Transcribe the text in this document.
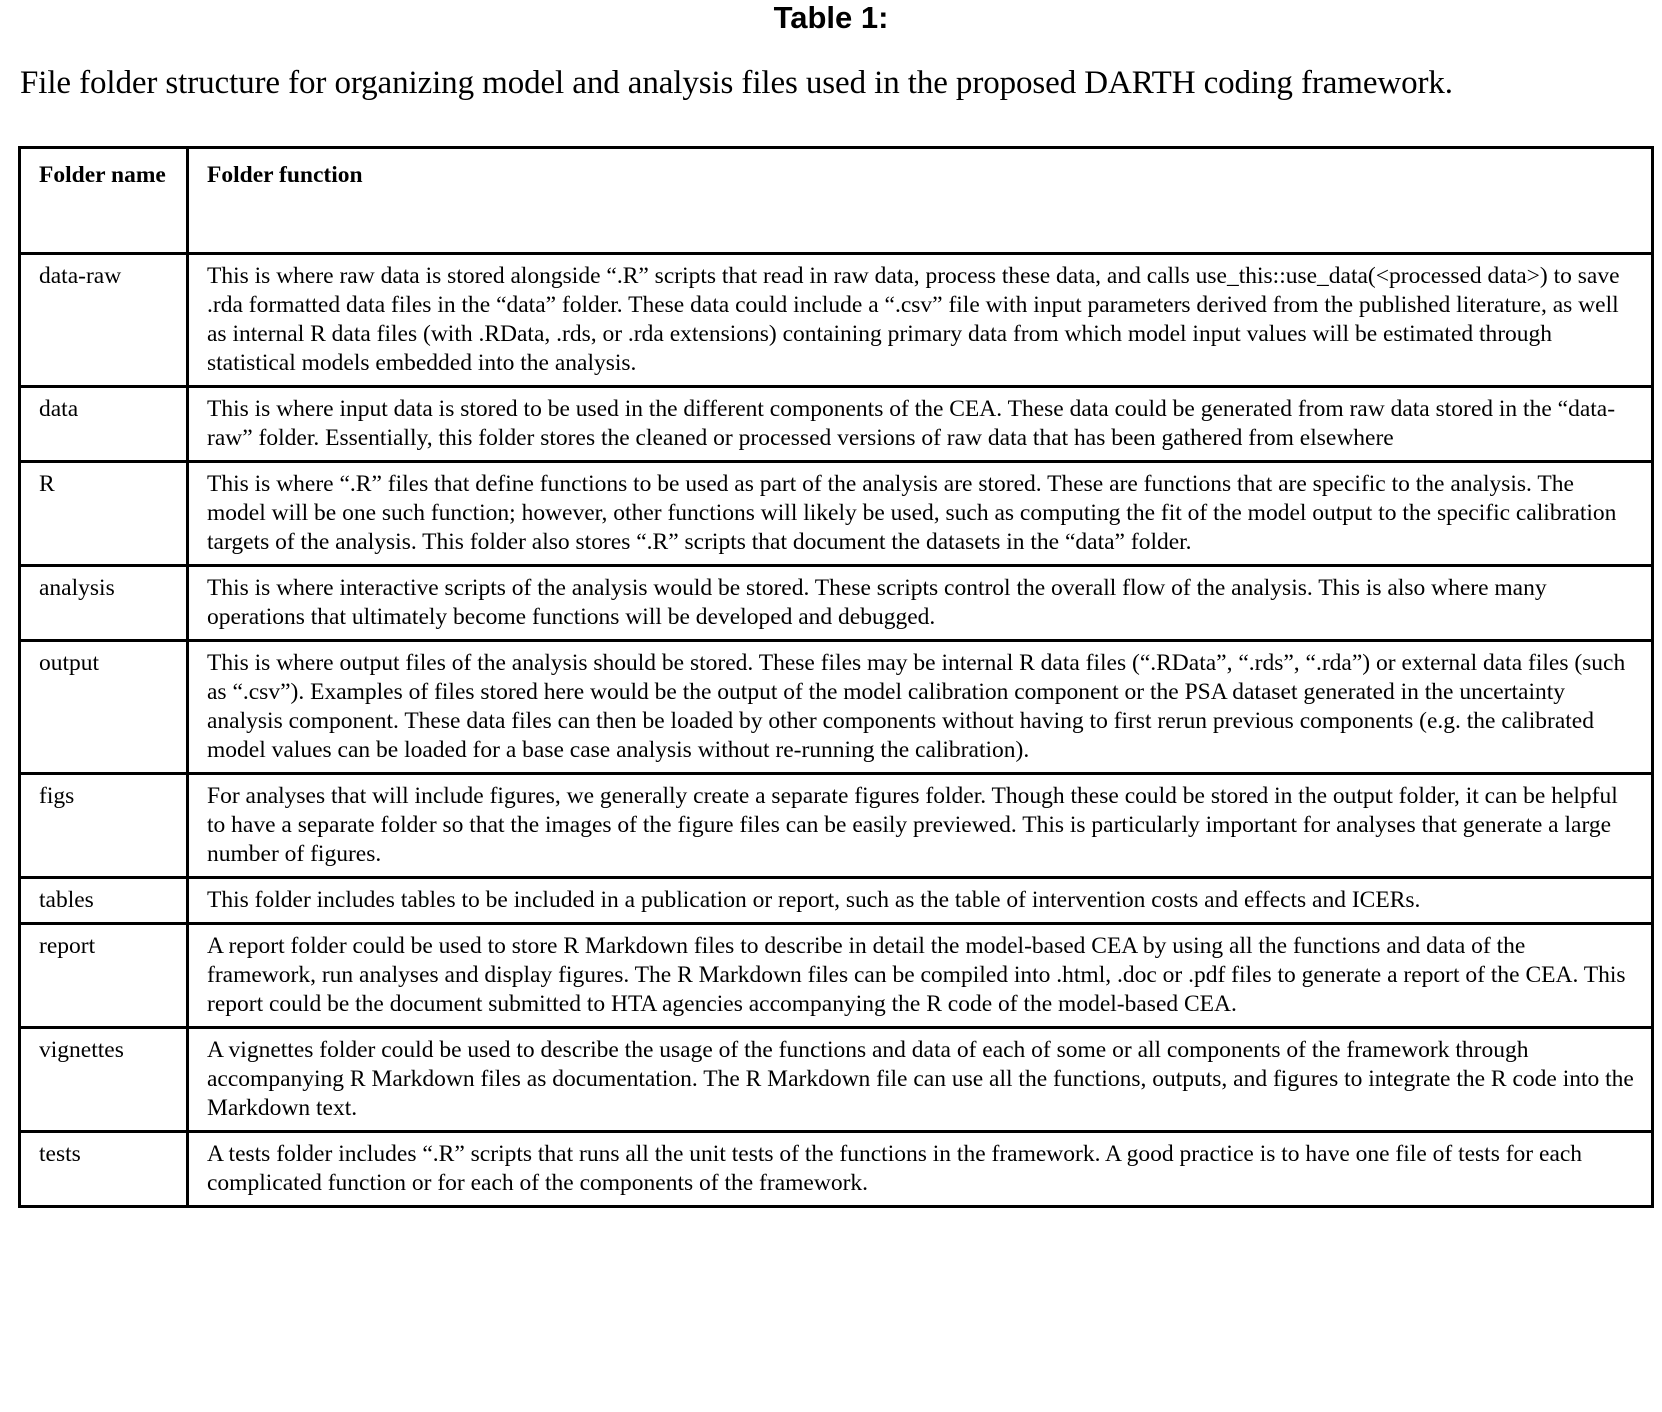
Table 1:
File folder structure for organizing model and analysis files used in the proposed DARTH coding framework.
Folder name	Folder function
data-raw	This is where raw data is stored alongside “.R” scripts that read in raw data, process these data, and calls use_this::use_data(<processed data>) to save .rda formatted data files in the “data” folder. These data could include a “.csv” file with input parameters derived from the published literature, as well as internal R data files (with .RData, .rds, or .rda extensions) containing primary data from which model input values will be estimated through statistical models embedded into the analysis.
data	This is where input data is stored to be used in the different components of the CEA. These data could be generated from raw data stored in the “data-raw” folder. Essentially, this folder stores the cleaned or processed versions of raw data that has been gathered from elsewhere
R	This is where “.R” files that define functions to be used as part of the analysis are stored. These are functions that are specific to the analysis. The model will be one such function; however, other functions will likely be used, such as computing the fit of the model output to the specific calibration targets of the analysis. This folder also stores “.R” scripts that document the datasets in the “data” folder.
analysis	This is where interactive scripts of the analysis would be stored. These scripts control the overall flow of the analysis. This is also where many operations that ultimately become functions will be developed and debugged.
output	This is where output files of the analysis should be stored. These files may be internal R data files (“.RData”, “.rds”, “.rda”) or external data files (such as “.csv”). Examples of files stored here would be the output of the model calibration component or the PSA dataset generated in the uncertainty analysis component. These data files can then be loaded by other components without having to first rerun previous components (e.g. the calibrated model values can be loaded for a base case analysis without re-running the calibration).
figs	For analyses that will include figures, we generally create a separate figures folder. Though these could be stored in the output folder, it can be helpful to have a separate folder so that the images of the figure files can be easily previewed. This is particularly important for analyses that generate a large number of figures.
tables	This folder includes tables to be included in a publication or report, such as the table of intervention costs and effects and ICERs.
report	A report folder could be used to store R Markdown files to describe in detail the model-based CEA by using all the functions and data of the framework, run analyses and display figures. The R Markdown files can be compiled into .html, .doc or .pdf files to generate a report of the CEA. This report could be the document submitted to HTA agencies accompanying the R code of the model-based CEA.
vignettes	A vignettes folder could be used to describe the usage of the functions and data of each of some or all components of the framework through accompanying R Markdown files as documentation. The R Markdown file can use all the functions, outputs, and figures to integrate the R code into the Markdown text.
tests	A tests folder includes “.R” scripts that runs all the unit tests of the functions in the framework. A good practice is to have one file of tests for each complicated function or for each of the components of the framework.
